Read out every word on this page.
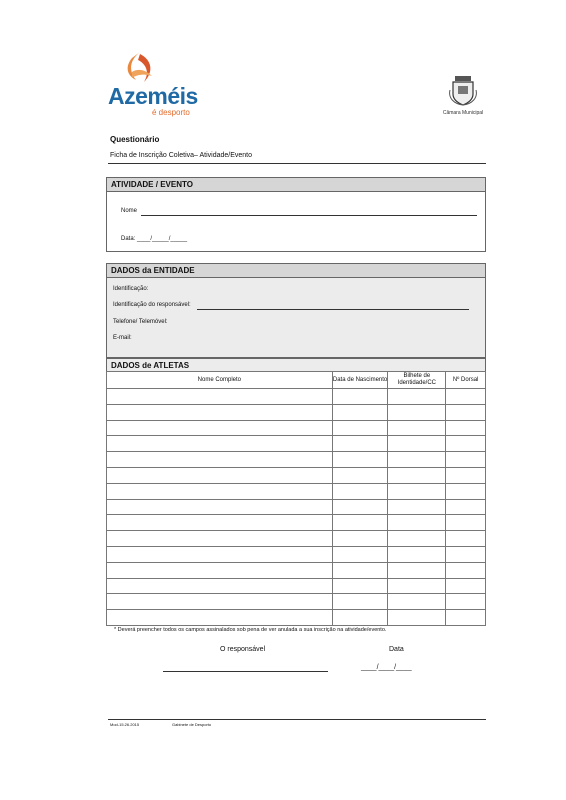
Azeméis
é desporto	Câmara Municipal
Questionário
Ficha de Inscrição Coletiva– Atividade/Evento
ATIVIDADE / EVENTO
Nome
Data: ____/_____/_____
DADOS da ENTIDADE
Identificação:
Identificação do responsável:
Telefone/ Telemóvel:
E-mail:
DADOS de ATLETAS
Nome Completo	Data de Nascimento	Bilhete de Identidade/CC	Nº Dorsal

* Deverá preencher todos os campos assinalados sob pena de ver anulada a sua inscrição na atividade/evento.
O responsável	Data
____/____/____
Mod-15.26.2015	Gabinete de Desporto
